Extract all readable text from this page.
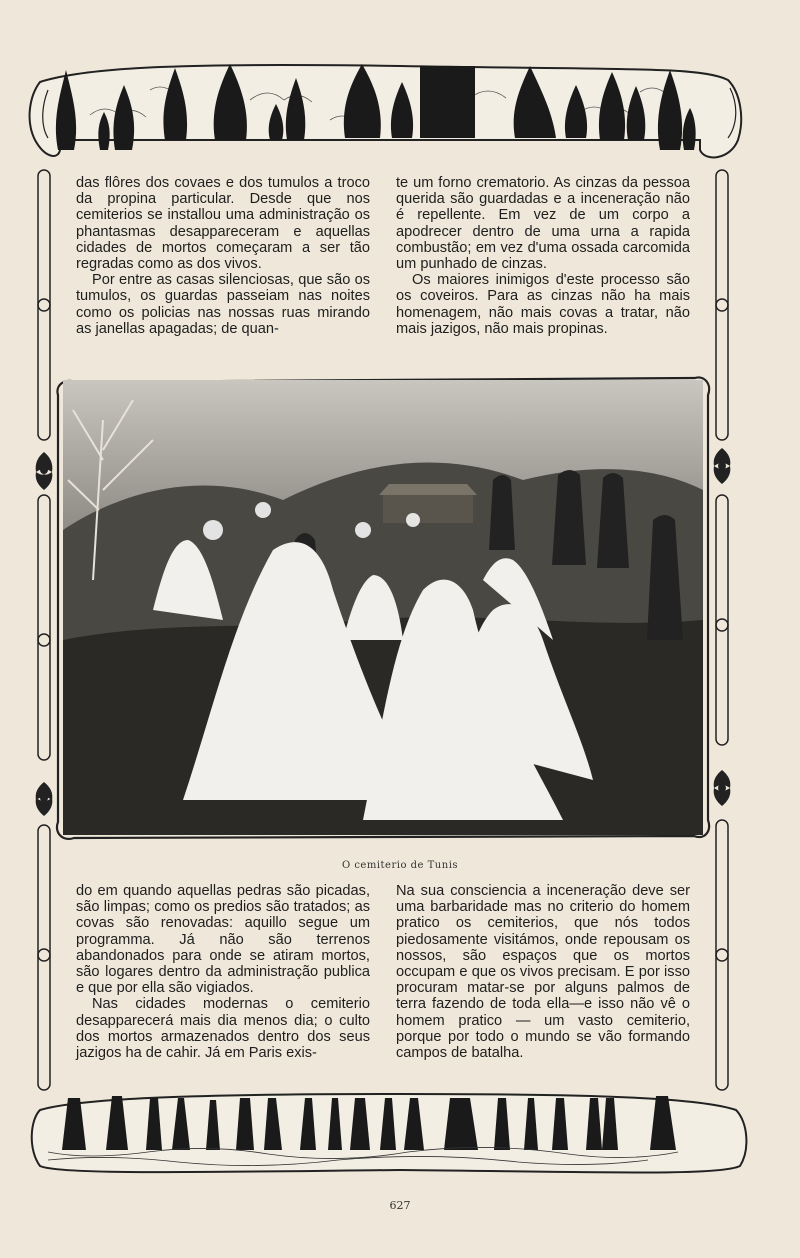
das flôres dos covaes e dos tumulos a troco da propina particular. Desde que nos cemiterios se installou uma administração os phantasmas desappareceram e aquellas cidades de mortos começaram a ser tão regradas como as dos vivos.

Por entre as casas silenciosas, que são os tumulos, os guardas passeiam nas noites como os policias nas nossas ruas mirando as janellas apagadas; de quan-

te um forno crematorio. As cinzas da pessoa querida são guardadas e a inceneração não é repellente. Em vez de um corpo a apodrecer dentro de uma urna a rapida combustão; em vez d'uma ossada carcomida um punhado de cinzas.

Os maiores inimigos d'este processo são os coveiros. Para as cinzas não ha mais homenagem, não mais covas a tratar, não mais jazigos, não mais propinas.

O cemiterio de Tunis

do em quando aquellas pedras são picadas, são limpas; como os predios são tratados; as covas são renovadas: aquillo segue um programma. Já não são terrenos abandonados para onde se atiram mortos, são logares dentro da administração publica e que por ella são vigiados.

Nas cidades modernas o cemiterio desapparecerá mais dia menos dia; o culto dos mortos armazenados dentro dos seus jazigos ha de cahir. Já em Paris exis-

Na sua consciencia a inceneração deve ser uma barbaridade mas no criterio do homem pratico os cemiterios, que nós todos piedosamente visitámos, onde repousam os nossos, são espaços que os mortos occupam e que os vivos precisam. E por isso procuram matar-se por alguns palmos de terra fazendo de toda ella—e isso não vê o homem pratico — um vasto cemiterio, porque por todo o mundo se vão formando campos de batalha.

627
